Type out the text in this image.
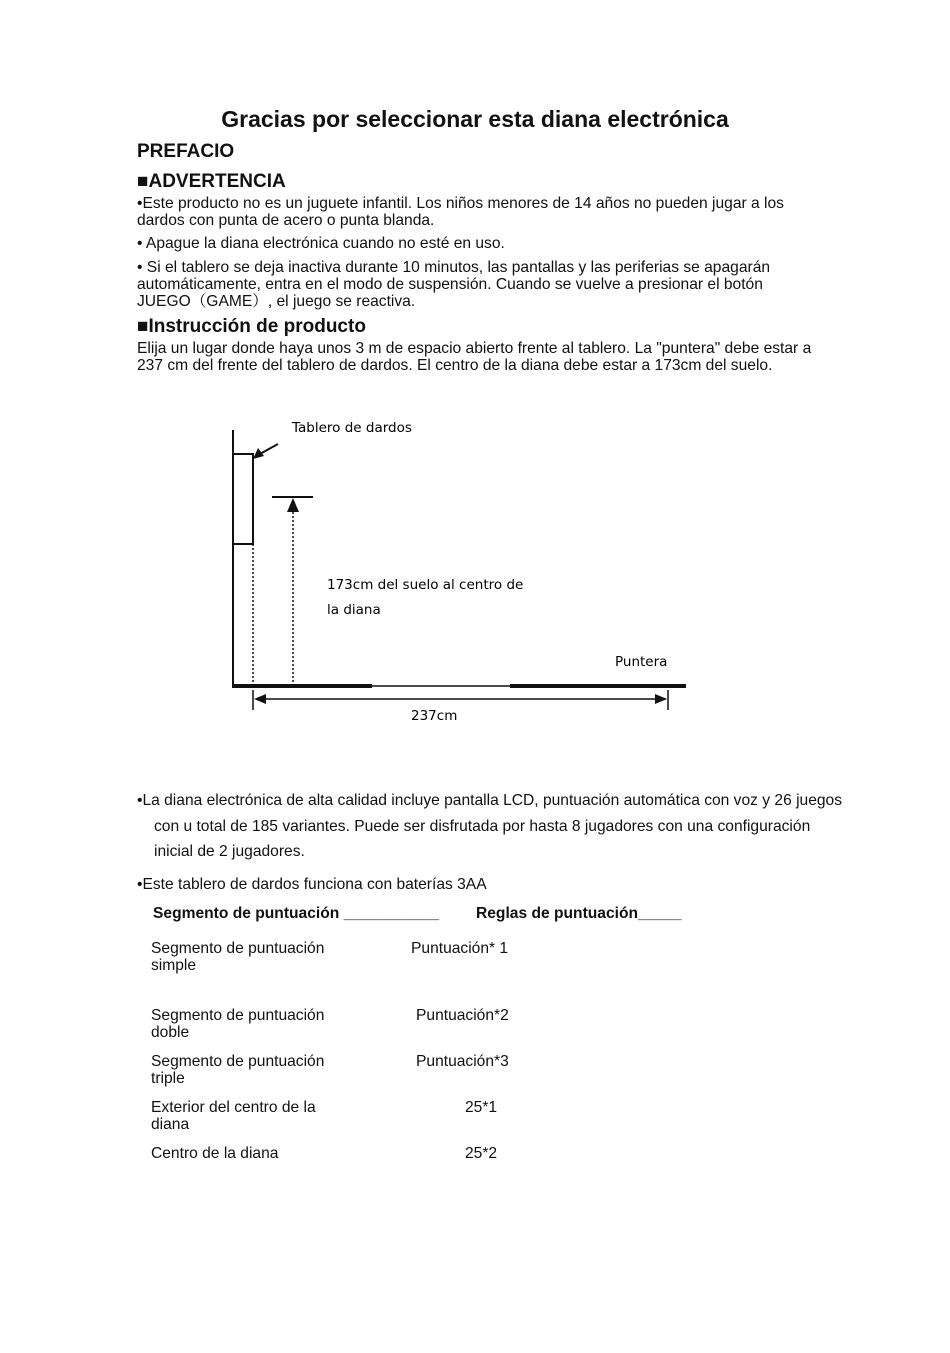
Gracias por seleccionar esta diana electrónica
PREFACIO
■ADVERTENCIA
•Este producto no es un juguete infantil. Los niños menores de 14 años no pueden jugar a los dardos con punta de acero o punta blanda.
• Apague la diana electrónica cuando no esté en uso.
• Si el tablero se deja inactiva durante 10 minutos, las pantallas y las periferias se apagarán automáticamente, entra en el modo de suspensión. Cuando se vuelve a presionar el botón JUEGO（GAME）, el juego se reactiva.
■Instrucción de producto
Elija un lugar donde haya unos 3 m de espacio abierto frente al tablero. La "puntera" debe estar a 237 cm del frente del tablero de dardos. El centro de la diana debe estar a 173cm del suelo.
Tablero de dardos
173cm del suelo al centro de
la diana
Puntera
237cm
•La diana electrónica de alta calidad incluye pantalla LCD, puntuación automática con voz y 26 juegos con u total de 185 variantes. Puede ser disfrutada por hasta 8 jugadores con una configuración inicial de 2 jugadores.
•Este tablero de dardos funciona con baterías 3AA
Segmento de puntuación ___________ Reglas de puntuación_____
Segmento de puntuación simple
Puntuación* 1
Segmento de puntuación doble
Puntuación*2
Segmento de puntuación triple
Puntuación*3
Exterior del centro de la diana
25*1
Centro de la diana	25*2
